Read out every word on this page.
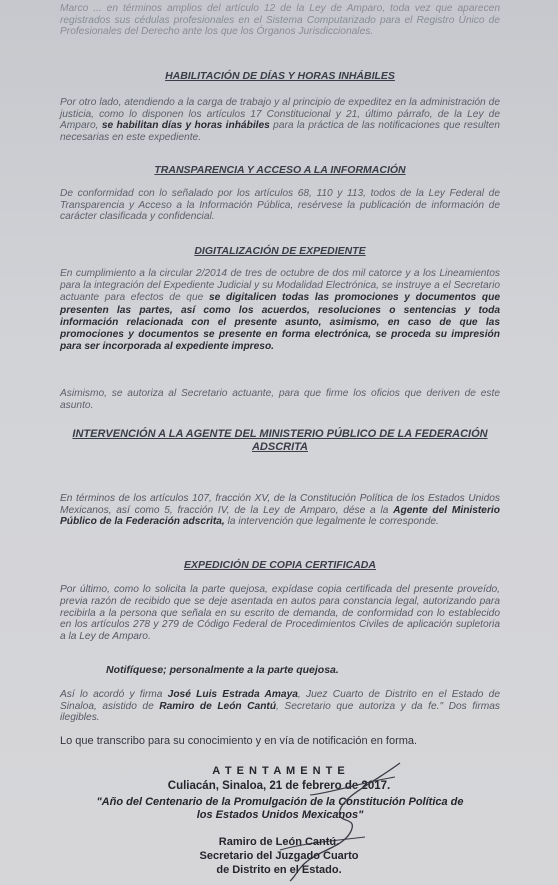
Marco ... en términos amplios del artículo 12 de la Ley de Amparo, toda vez que aparecen registrados sus cédulas profesionales en el Sistema Computarizado para el Registro Único de Profesionales del Derecho ante los que los Órganos Jurisdiccionales.
HABILITACIÓN DE DÍAS Y HORAS INHÁBILES
Por otro lado, atendiendo a la carga de trabajo y al principio de expeditez en la administración de justicia, como lo disponen los artículos 17 Constitucional y 21, último párrafo, de la Ley de Amparo, se habilitan días y horas inhábiles para la práctica de las notificaciones que resulten necesarias en este expediente.
TRANSPARENCIA Y ACCESO A LA INFORMACIÓN
De conformidad con lo señalado por los artículos 68, 110 y 113, todos de la Ley Federal de Transparencia y Acceso a la Información Pública, resérvese la publicación de información de carácter clasificada y confidencial.
DIGITALIZACIÓN DE EXPEDIENTE
En cumplimiento a la circular 2/2014 de tres de octubre de dos mil catorce y a los Lineamientos para la integración del Expediente Judicial y su Modalidad Electrónica, se instruye a el Secretario actuante para efectos de que se digitalicen todas las promociones y documentos que presenten las partes, así como los acuerdos, resoluciones o sentencias y toda información relacionada con el presente asunto, asimismo, en caso de que las promociones y documentos se presente en forma electrónica, se proceda su impresión para ser incorporada al expediente impreso.
Asimismo, se autoriza al Secretario actuante, para que firme los oficios que deriven de este asunto.
INTERVENCIÓN A LA AGENTE DEL MINISTERIO PÚBLICO DE LA FEDERACIÓN ADSCRITA
En términos de los artículos 107, fracción XV, de la Constitución Política de los Estados Unidos Mexicanos, así como 5, fracción IV, de la Ley de Amparo, dése a la Agente del Ministerio Público de la Federación adscrita, la intervención que legalmente le corresponde.
EXPEDICIÓN DE COPIA CERTIFICADA
Por último, como lo solicita la parte quejosa, expídase copia certificada del presente proveído, previa razón de recibido que se deje asentada en autos para constancia legal, autorizando para recibirla a la persona que señala en su escrito de demanda, de conformidad con lo establecido en los artículos 278 y 279 de Código Federal de Procedimientos Civiles de aplicación supletoria a la Ley de Amparo.
Notifíquese; personalmente a la parte quejosa.
Así lo acordó y firma José Luis Estrada Amaya, Juez Cuarto de Distrito en el Estado de Sinaloa, asistido de Ramiro de León Cantú, Secretario que autoriza y da fe." Dos firmas ilegibles.
Lo que transcribo para su conocimiento y en vía de notificación en forma.
A T E N T A M E N T E
Culiacán, Sinaloa, 21 de febrero de 2017.
"Año del Centenario de la Promulgación de la Constitución Política de
los Estados Unidos Mexicanos"
Ramiro de León Cantú.
Secretario del Juzgado Cuarto
de Distrito en el Estado.
